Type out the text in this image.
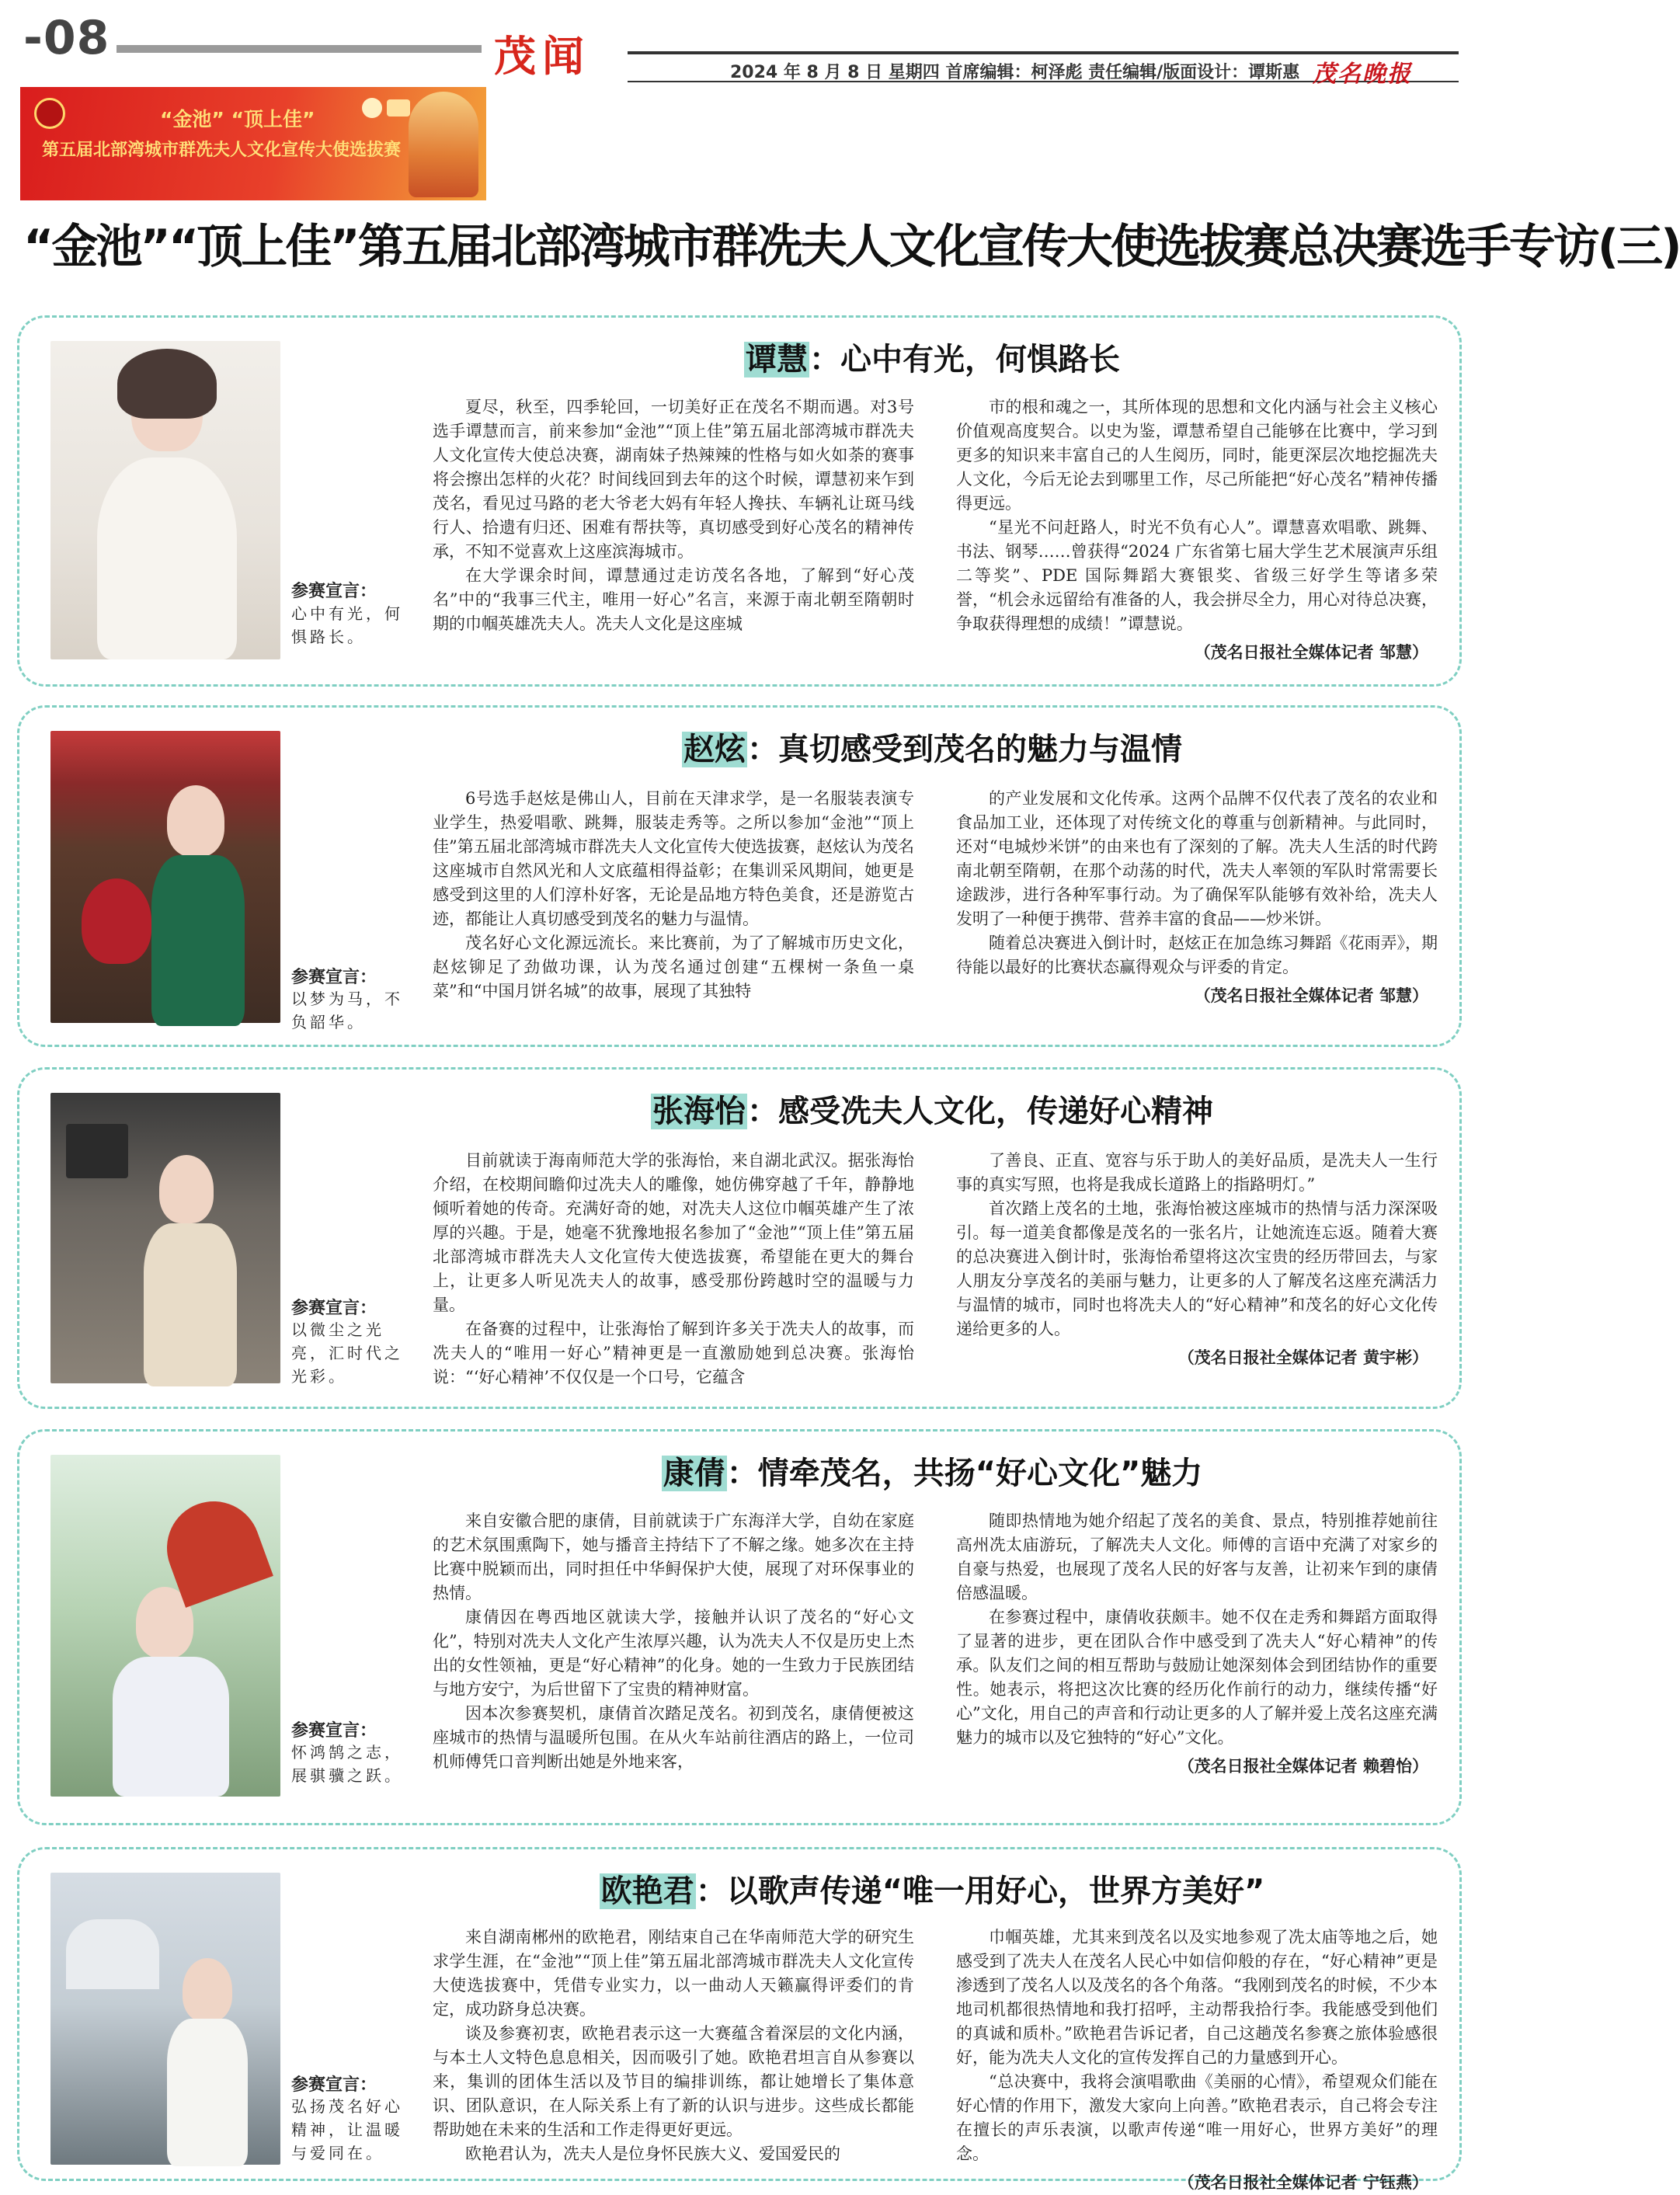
-08	茂闻	2024 年 8 月 8 日 星期四 首席编辑：柯泽彪 责任编辑/版面设计：谭斯惠 茂名晚报
“金池” “顶上佳”
第五届北部湾城市群冼夫人文化宣传大使选拔赛
“金池”“顶上佳”第五届北部湾城市群冼夫人文化宣传大使选拔赛总决赛选手专访(三)
参赛宣言：
心中有光，何惧路长。
谭慧：心中有光，何惧路长

夏尽，秋至，四季轮回，一切美好正在茂名不期而遇。对3号选手谭慧而言，前来参加“金池”“顶上佳”第五届北部湾城市群冼夫人文化宣传大使总决赛，湖南妹子热辣辣的性格与如火如荼的赛事将会擦出怎样的火花？时间线回到去年的这个时候，谭慧初来乍到茂名，看见过马路的老大爷老大妈有年轻人搀扶、车辆礼让斑马线行人、拾遗有归还、困难有帮扶等，真切感受到好心茂名的精神传承，不知不觉喜欢上这座滨海城市。

在大学课余时间，谭慧通过走访茂名各地，了解到“好心茂名”中的“我事三代主，唯用一好心”名言，来源于南北朝至隋朝时期的巾帼英雄冼夫人。冼夫人文化是这座城

市的根和魂之一，其所体现的思想和文化内涵与社会主义核心价值观高度契合。以史为鉴，谭慧希望自己能够在比赛中，学习到更多的知识来丰富自己的人生阅历，同时，能更深层次地挖掘冼夫人文化，今后无论去到哪里工作，尽己所能把“好心茂名”精神传播得更远。

“星光不问赶路人，时光不负有心人”。谭慧喜欢唱歌、跳舞、书法、钢琴……曾获得“2024 广东省第七届大学生艺术展演声乐组二等奖”、PDE 国际舞蹈大赛银奖、省级三好学生等诸多荣誉，“机会永远留给有准备的人，我会拼尽全力，用心对待总决赛，争取获得理想的成绩！”谭慧说。

（茂名日报社全媒体记者 邹慧）
参赛宣言：
以梦为马，不负韶华。
赵炫：真切感受到茂名的魅力与温情

6号选手赵炫是佛山人，目前在天津求学，是一名服装表演专业学生，热爱唱歌、跳舞，服装走秀等。之所以参加“金池”“顶上佳”第五届北部湾城市群冼夫人文化宣传大使选拔赛，赵炫认为茂名这座城市自然风光和人文底蕴相得益彰；在集训采风期间，她更是感受到这里的人们淳朴好客，无论是品地方特色美食，还是游览古迹，都能让人真切感受到茂名的魅力与温情。

茂名好心文化源远流长。来比赛前，为了了解城市历史文化，赵炫铆足了劲做功课，认为茂名通过创建“五棵树一条鱼一桌菜”和“中国月饼名城”的故事，展现了其独特

的产业发展和文化传承。这两个品牌不仅代表了茂名的农业和食品加工业，还体现了对传统文化的尊重与创新精神。与此同时，还对“电城炒米饼”的由来也有了深刻的了解。冼夫人生活的时代跨南北朝至隋朝，在那个动荡的时代，冼夫人率领的军队时常需要长途跋涉，进行各种军事行动。为了确保军队能够有效补给，冼夫人发明了一种便于携带、营养丰富的食品——炒米饼。

随着总决赛进入倒计时，赵炫正在加急练习舞蹈《花雨弄》，期待能以最好的比赛状态赢得观众与评委的肯定。

（茂名日报社全媒体记者 邹慧）
参赛宣言：
以微尘之光亮，汇时代之光彩。
张海怡：感受冼夫人文化，传递好心精神

目前就读于海南师范大学的张海怡，来自湖北武汉。据张海怡介绍，在校期间瞻仰过冼夫人的雕像，她仿佛穿越了千年，静静地倾听着她的传奇。充满好奇的她，对冼夫人这位巾帼英雄产生了浓厚的兴趣。于是，她毫不犹豫地报名参加了“金池”“顶上佳”第五届北部湾城市群冼夫人文化宣传大使选拔赛，希望能在更大的舞台上，让更多人听见冼夫人的故事，感受那份跨越时空的温暖与力量。

在备赛的过程中，让张海怡了解到许多关于冼夫人的故事，而冼夫人的“唯用一好心”精神更是一直激励她到总决赛。张海怡说：“‘好心精神’不仅仅是一个口号，它蕴含

了善良、正直、宽容与乐于助人的美好品质，是冼夫人一生行事的真实写照，也将是我成长道路上的指路明灯。”

首次踏上茂名的土地，张海怡被这座城市的热情与活力深深吸引。每一道美食都像是茂名的一张名片，让她流连忘返。随着大赛的总决赛进入倒计时，张海怡希望将这次宝贵的经历带回去，与家人朋友分享茂名的美丽与魅力，让更多的人了解茂名这座充满活力与温情的城市，同时也将冼夫人的“好心精神”和茂名的好心文化传递给更多的人。

（茂名日报社全媒体记者 黄宇彬）
参赛宣言：
怀鸿鹄之志，展骐骥之跃。
康倩：情牵茂名，共扬“好心文化”魅力

来自安徽合肥的康倩，目前就读于广东海洋大学，自幼在家庭的艺术氛围熏陶下，她与播音主持结下了不解之缘。她多次在主持比赛中脱颖而出，同时担任中华鲟保护大使，展现了对环保事业的热情。

康倩因在粤西地区就读大学，接触并认识了茂名的“好心文化”，特别对冼夫人文化产生浓厚兴趣，认为冼夫人不仅是历史上杰出的女性领袖，更是“好心精神”的化身。她的一生致力于民族团结与地方安宁，为后世留下了宝贵的精神财富。

因本次参赛契机，康倩首次踏足茂名。初到茂名，康倩便被这座城市的热情与温暖所包围。在从火车站前往酒店的路上，一位司机师傅凭口音判断出她是外地来客，

随即热情地为她介绍起了茂名的美食、景点，特别推荐她前往高州冼太庙游玩，了解冼夫人文化。师傅的言语中充满了对家乡的自豪与热爱，也展现了茂名人民的好客与友善，让初来乍到的康倩倍感温暖。

在参赛过程中，康倩收获颇丰。她不仅在走秀和舞蹈方面取得了显著的进步，更在团队合作中感受到了冼夫人“好心精神”的传承。队友们之间的相互帮助与鼓励让她深刻体会到团结协作的重要性。她表示，将把这次比赛的经历化作前行的动力，继续传播“好心”文化，用自己的声音和行动让更多的人了解并爱上茂名这座充满魅力的城市以及它独特的“好心”文化。

（茂名日报社全媒体记者 赖碧怡）
参赛宣言：
弘扬茂名好心精神，让温暖与爱同在。
欧艳君：以歌声传递“唯一用好心，世界方美好”

来自湖南郴州的欧艳君，刚结束自己在华南师范大学的研究生求学生涯，在“金池”“顶上佳”第五届北部湾城市群冼夫人文化宣传大使选拔赛中，凭借专业实力，以一曲动人天籁赢得评委们的肯定，成功跻身总决赛。

谈及参赛初衷，欧艳君表示这一大赛蕴含着深层的文化内涵，与本土人文特色息息相关，因而吸引了她。欧艳君坦言自从参赛以来，集训的团体生活以及节目的编排训练，都让她增长了集体意识、团队意识，在人际关系上有了新的认识与进步。这些成长都能帮助她在未来的生活和工作走得更好更远。

欧艳君认为，冼夫人是位身怀民族大义、爱国爱民的

巾帼英雄，尤其来到茂名以及实地参观了冼太庙等地之后，她感受到了冼夫人在茂名人民心中如信仰般的存在，“好心精神”更是渗透到了茂名人以及茂名的各个角落。“我刚到茂名的时候，不少本地司机都很热情地和我打招呼，主动帮我拾行李。我能感受到他们的真诚和质朴。”欧艳君告诉记者，自己这趟茂名参赛之旅体验感很好，能为冼夫人文化的宣传发挥自己的力量感到开心。

“总决赛中，我将会演唱歌曲《美丽的心情》，希望观众们能在好心情的作用下，激发大家向上向善。”欧艳君表示，自己将会专注在擅长的声乐表演，以歌声传递“唯一用好心，世界方美好”的理念。

（茂名日报社全媒体记者 宁钰燕）
